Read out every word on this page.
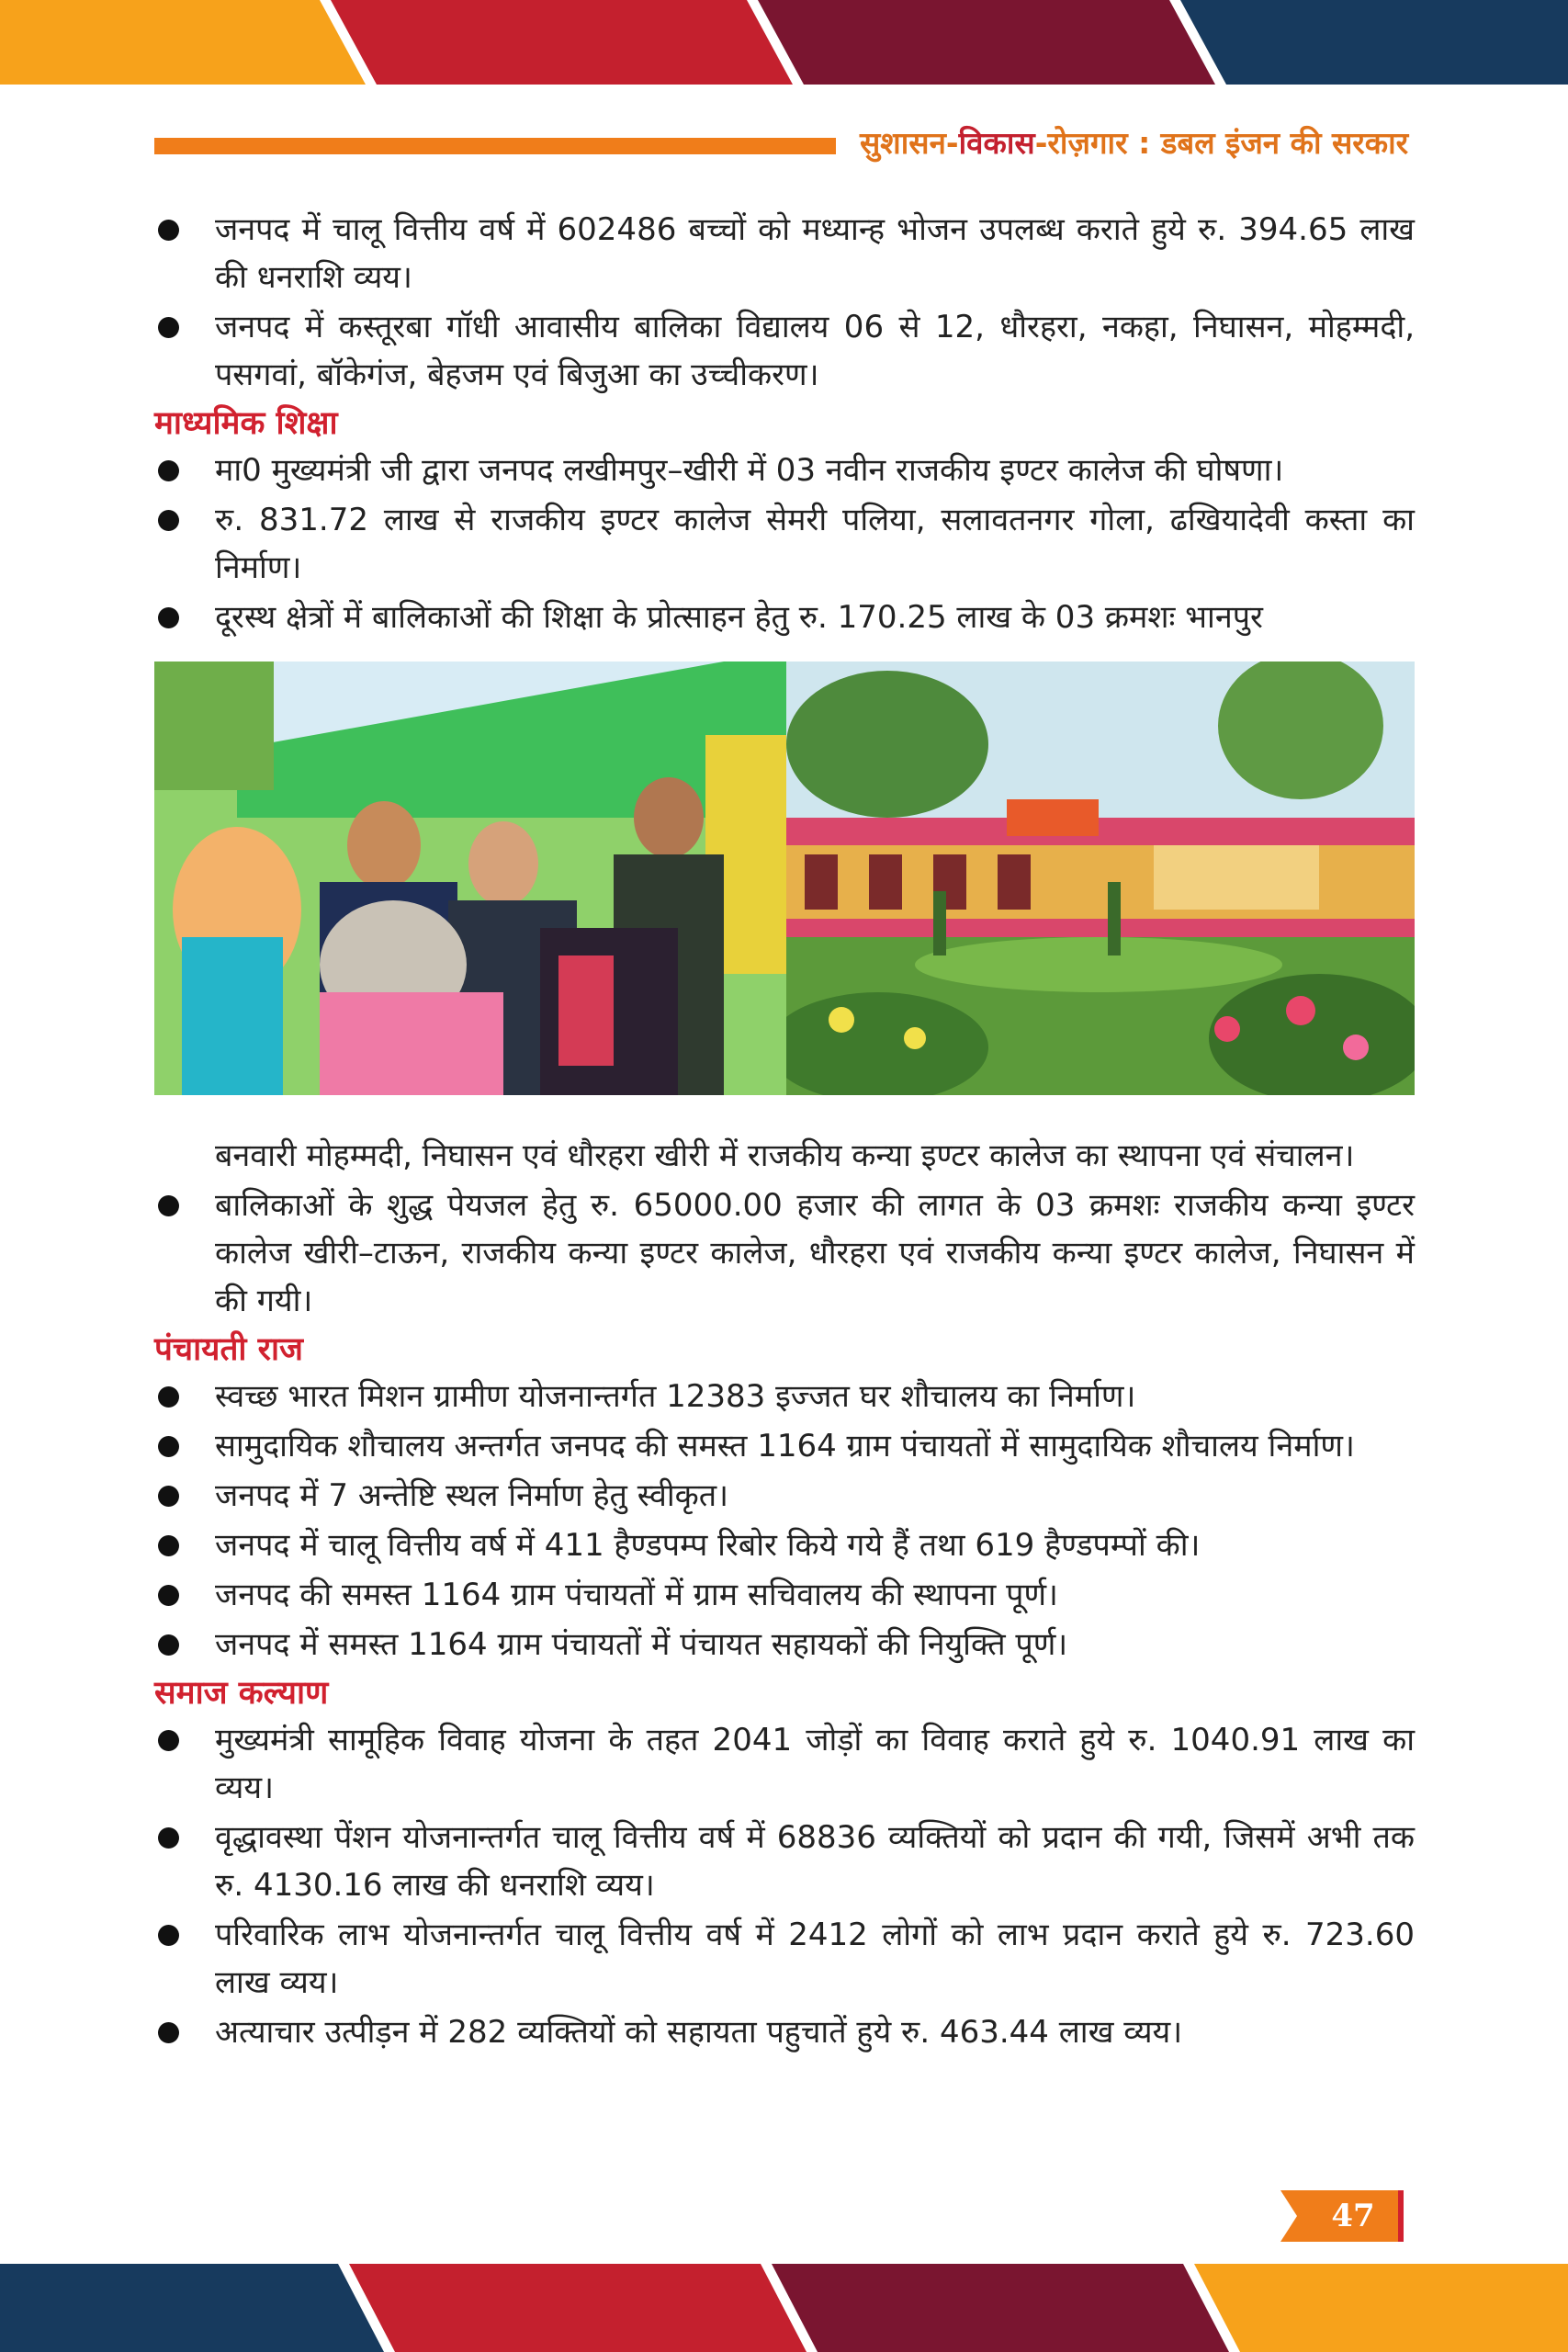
सुशासन-विकास-रोज़गार : डबल इंजन की सरकार
जनपद में चालू वित्तीय वर्ष में 602486 बच्चों को मध्यान्ह भोजन उपलब्ध कराते हुये रु. 394.65 लाख की धनराशि व्यय।
जनपद में कस्तूरबा गॉधी आवासीय बालिका विद्यालय 06 से 12, धौरहरा, नकहा, निघासन, मोहम्मदी, पसगवां, बॉकेगंज, बेहजम एवं बिजुआ का उच्चीकरण।
माध्यमिक शिक्षा
मा0 मुख्यमंत्री जी द्वारा जनपद लखीमपुर–खीरी में 03 नवीन राजकीय इण्टर कालेज की घोषणा।
रु. 831.72 लाख से राजकीय इण्टर कालेज सेमरी पलिया, सलावतनगर गोला, ढखियादेवी कस्ता का निर्माण।
दूरस्थ क्षेत्रों में बालिकाओं की शिक्षा के प्रोत्साहन हेतु रु. 170.25 लाख के 03 क्रमशः भानपुर

बनवारी मोहम्मदी, निघासन एवं धौरहरा खीरी में राजकीय कन्या इण्टर कालेज का स्थापना एवं संचालन।

बालिकाओं के शुद्ध पेयजल हेतु रु. 65000.00 हजार की लागत के 03 क्रमशः राजकीय कन्या इण्टर कालेज खीरी–टाऊन, राजकीय कन्या इण्टर कालेज, धौरहरा एवं राजकीय कन्या इण्टर कालेज, निघासन में की गयी।
पंचायती राज
स्वच्छ भारत मिशन ग्रामीण योजनान्तर्गत 12383 इज्जत घर शौचालय का निर्माण।
सामुदायिक शौचालय अन्तर्गत जनपद की समस्त 1164 ग्राम पंचायतों में सामुदायिक शौचालय निर्माण।
जनपद में 7 अन्तेष्टि स्थल निर्माण हेतु स्वीकृत।
जनपद में चालू वित्तीय वर्ष में 411 हैण्डपम्प रिबोर किये गये हैं तथा 619 हैण्डपम्पों की।
जनपद की समस्त 1164 ग्राम पंचायतों में ग्राम सचिवालय की स्थापना पूर्ण।
जनपद में समस्त 1164 ग्राम पंचायतों में पंचायत सहायकों की नियुक्ति पूर्ण।
समाज कल्याण
मुख्यमंत्री सामूहिक विवाह योजना के तहत 2041 जोड़ों का विवाह कराते हुये रु. 1040.91 लाख का व्यय।
वृद्धावस्था पेंशन योजनान्तर्गत चालू वित्तीय वर्ष में 68836 व्यक्तियों को प्रदान की गयी, जिसमें अभी तक रु. 4130.16 लाख की धनराशि व्यय।
परिवारिक लाभ योजनान्तर्गत चालू वित्तीय वर्ष में 2412 लोगों को लाभ प्रदान कराते हुये रु. 723.60 लाख व्यय।
अत्याचार उत्पीड़न में 282 व्यक्तियों को सहायता पहुचातें हुये रु. 463.44 लाख व्यय।
47
